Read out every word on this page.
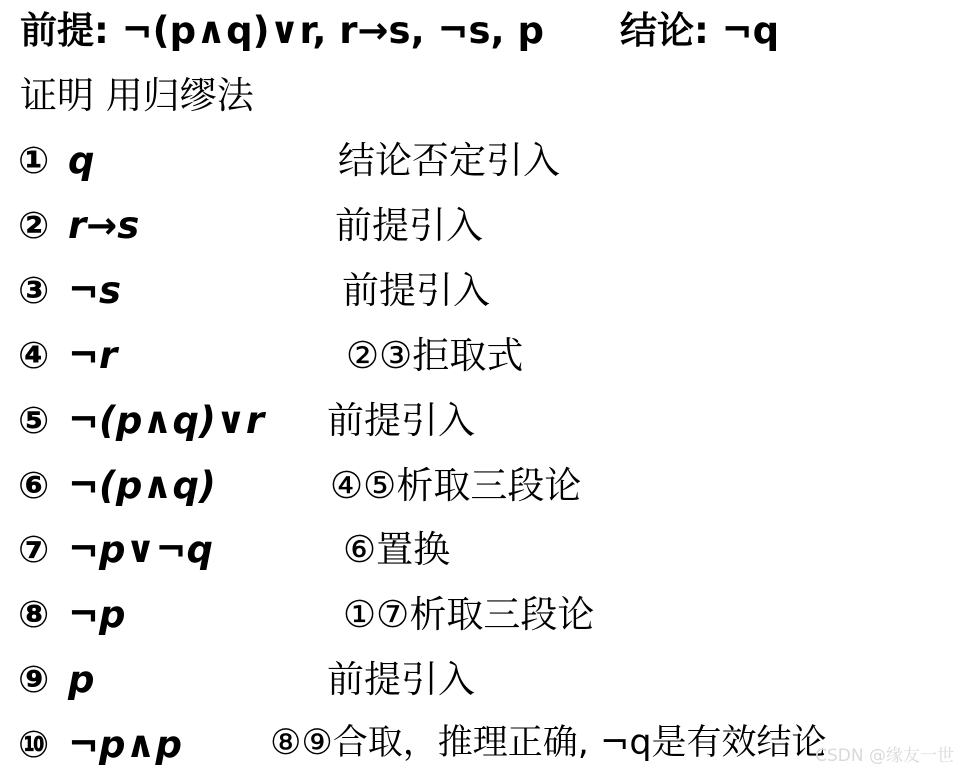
前提: ¬(p∧q)∨r, r→s, ¬s, p 结论: ¬q
证明 用归缪法
① q	结论否定引入
② r→s	前提引入
③ ¬s	前提引入
④ ¬r	②③拒取式
⑤ ¬(p∧q)∨r 前提引入
⑥ ¬(p∧q)	④⑤析取三段论
⑦ ¬p∨¬q	⑥置换
⑧ ¬p	①⑦析取三段论
⑨ p	前提引入
⑩ ¬p∧p	⑧⑨合取，推理正确, ¬q是有效结论
CSDN @缘友一世
